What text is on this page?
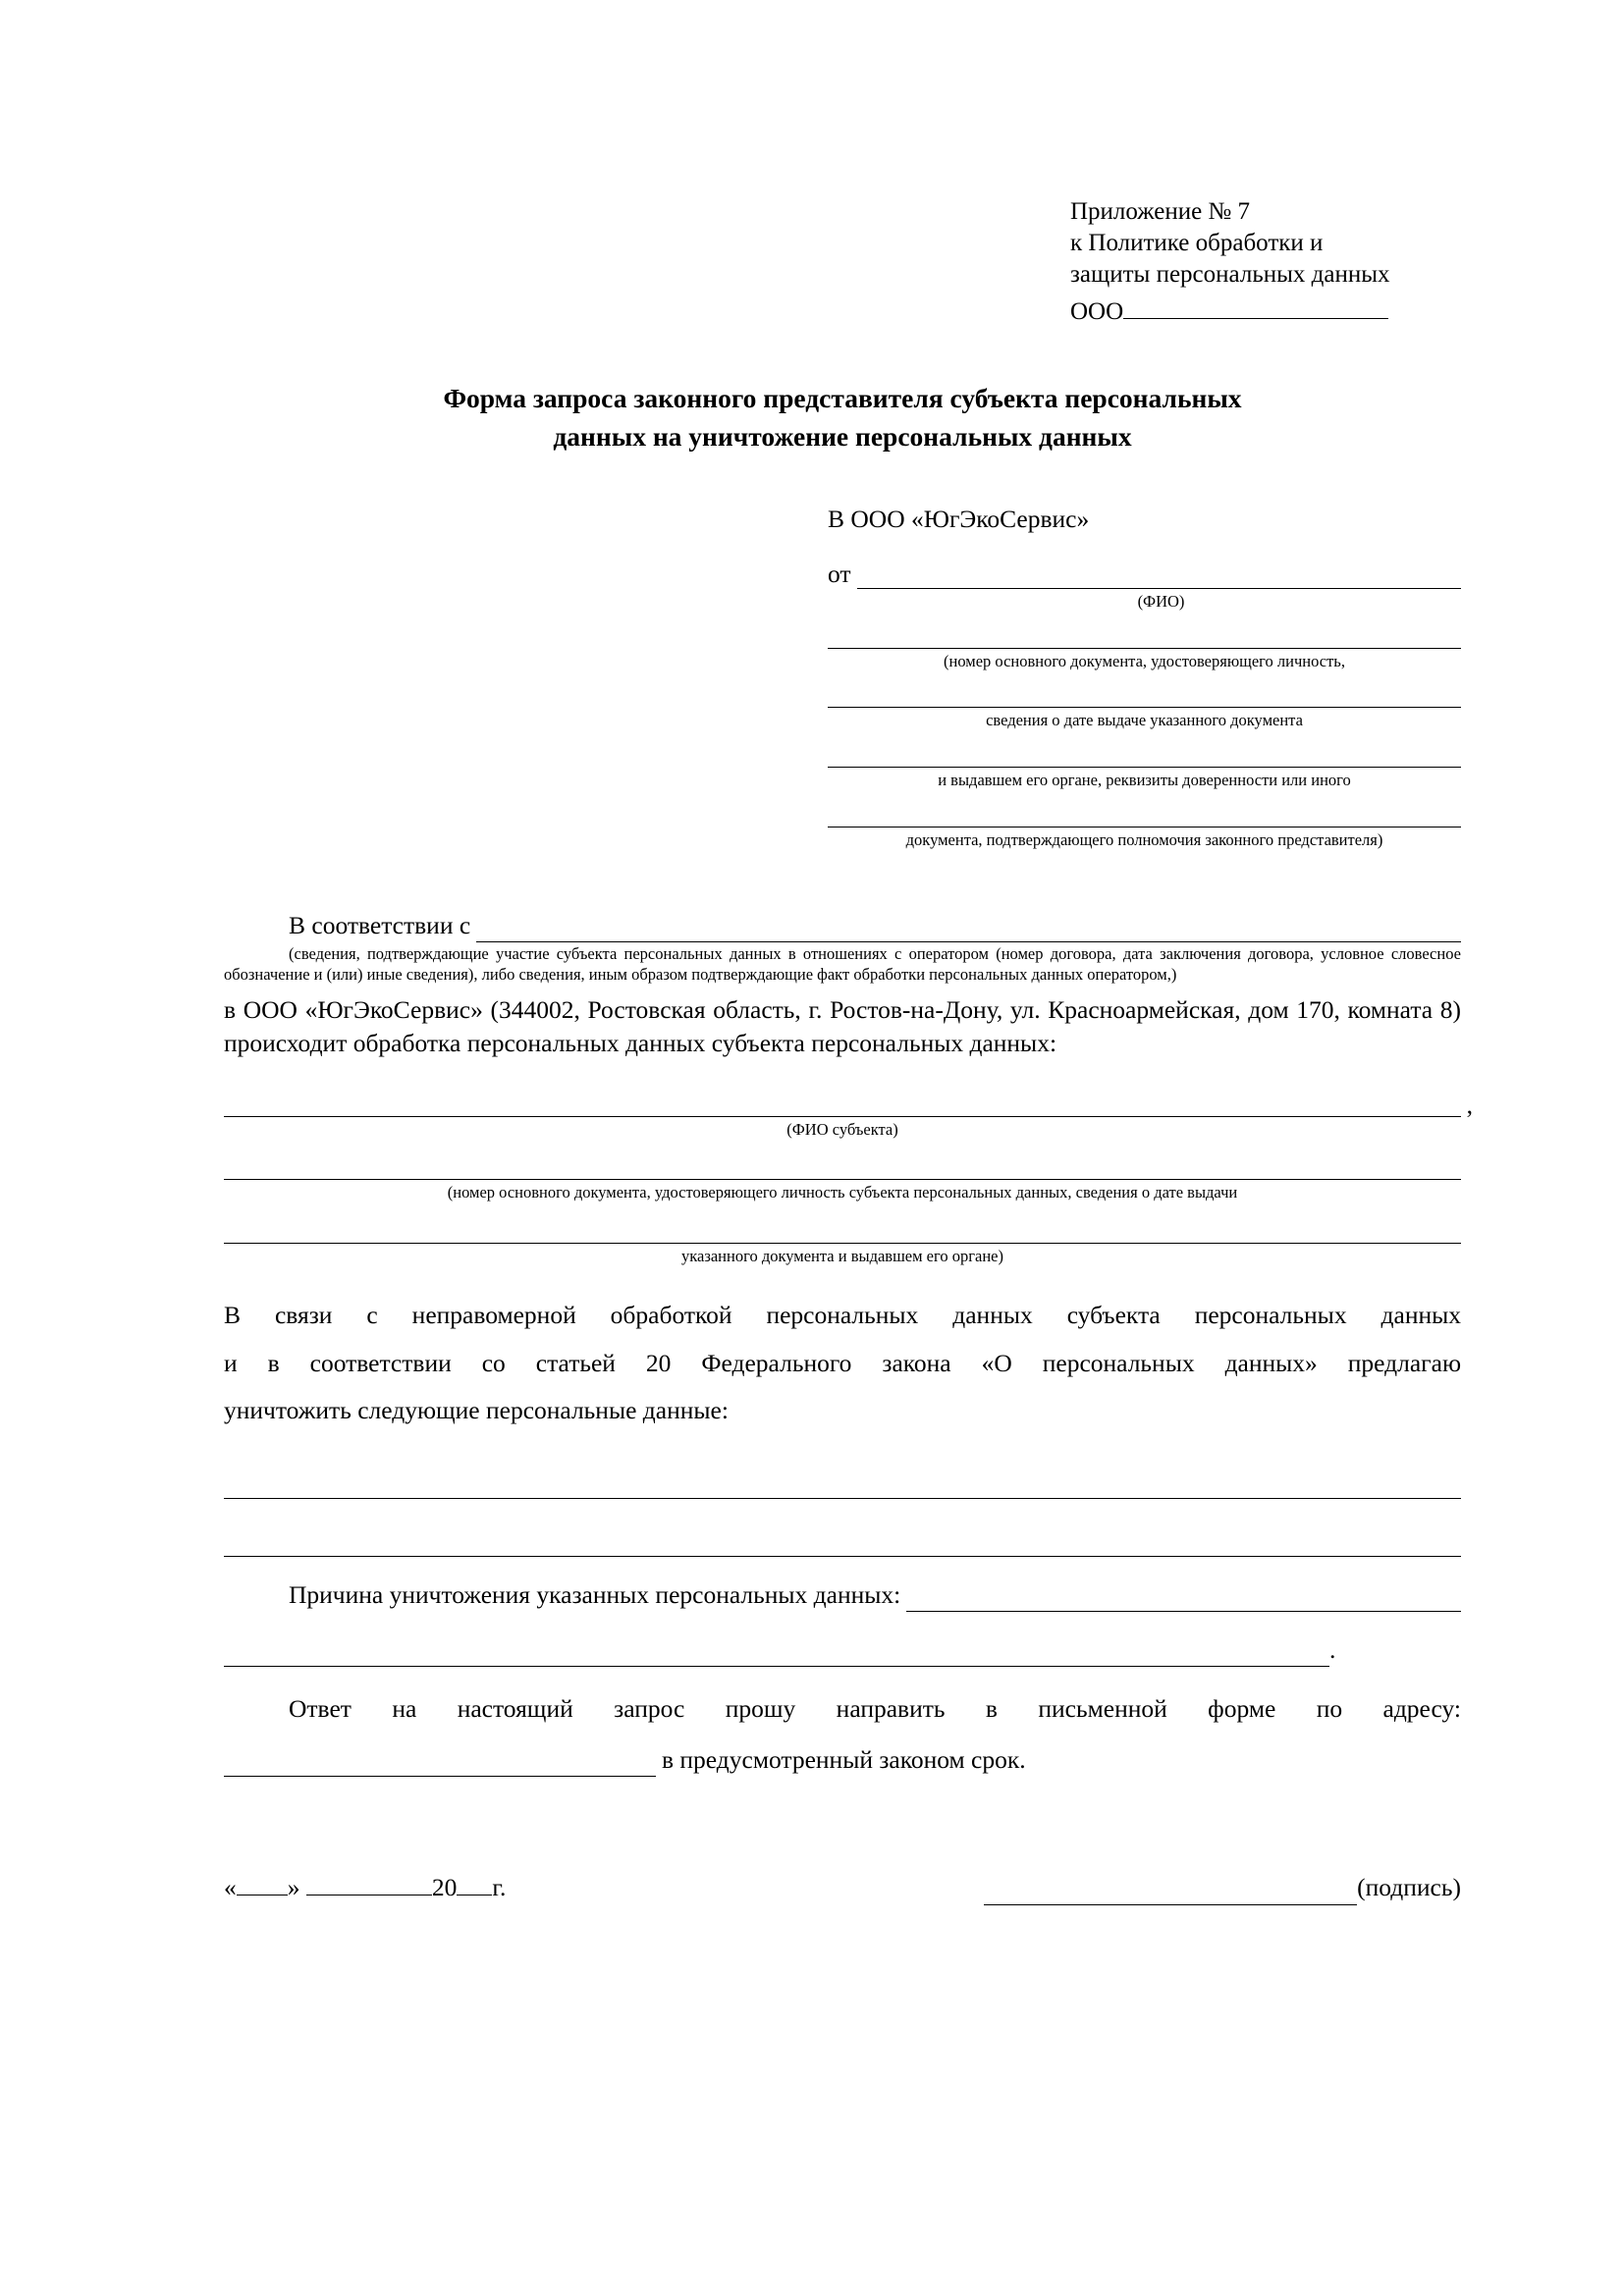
Приложение № 7
к Политике обработки и
защиты персональных данных
ООО
Форма запроса законного представителя субъекта персональных
данных на уничтожение персональных данных
В ООО «ЮгЭкоСервис»
от
(ФИО)
(номер основного документа, удостоверяющего личность,
сведения о дате выдаче указанного документа
и выдавшем его органе, реквизиты доверенности или иного
документа, подтверждающего полномочия законного представителя)
В соответствии с
(сведения, подтверждающие участие субъекта персональных данных в отношениях с оператором (номер договора, дата заключения договора, условное словесное обозначение и (или) иные сведения), либо сведения, иным образом подтверждающие факт обработки персональных данных оператором,)
в ООО «ЮгЭкоСервис» (344002, Ростовская область, г. Ростов-на-Дону, ул. Красноармейская, дом 170, комната 8) происходит обработка персональных данных субъекта персональных данных:
,
(ФИО субъекта)
(номер основного документа, удостоверяющего личность субъекта персональных данных, сведения о дате выдачи
указанного документа и выдавшем его органе)
В связи с неправомерной обработкой персональных данных субъекта персональных данных
и в соответствии со статьей 20 Федерального закона «О персональных данных» предлагаю
уничтожить следующие персональные данные:
Причина уничтожения указанных персональных данных:
.
Ответ на настоящий запрос прошу направить в письменной форме по адресу:
в предусмотренный законом срок.
« »	20 г.	(подпись)
